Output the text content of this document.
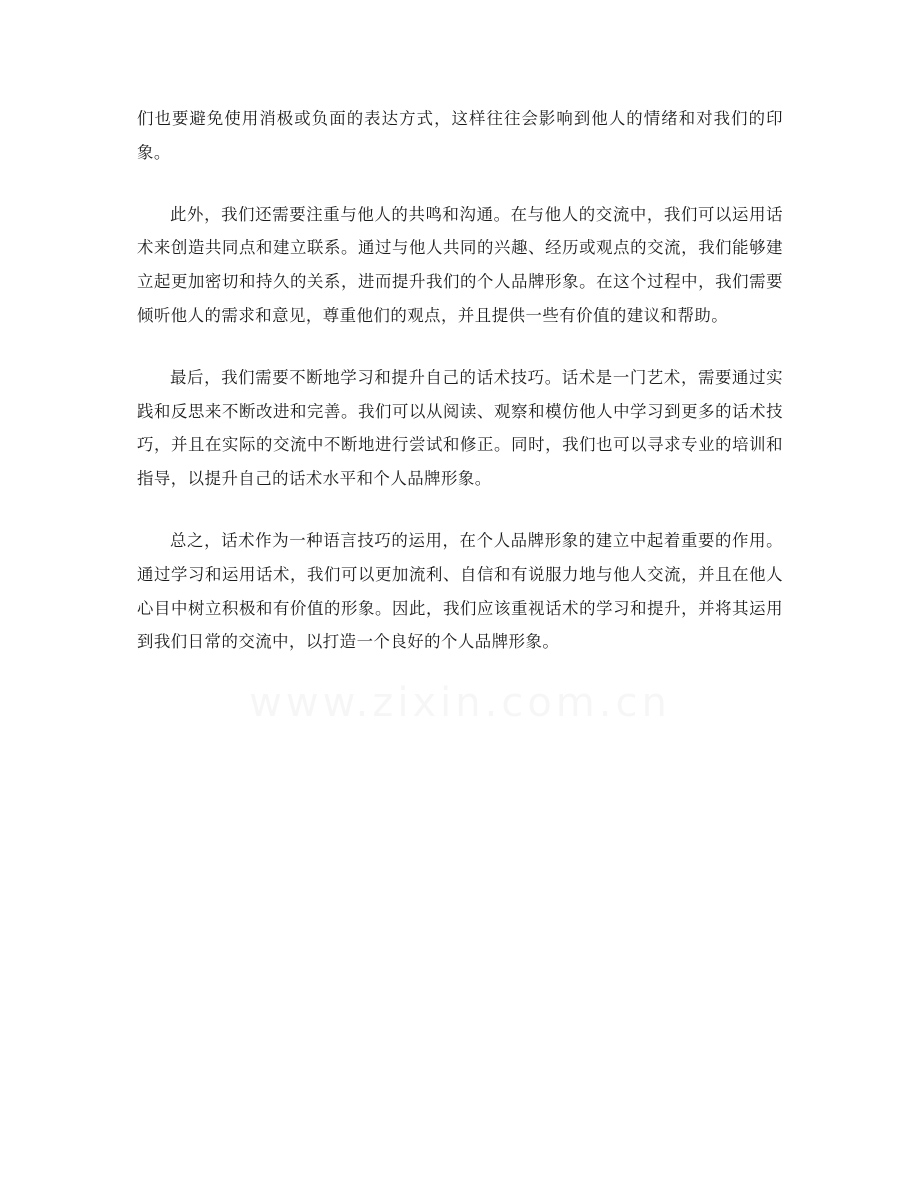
们也要避免使用消极或负面的表达方式，这样往往会影响到他人的情绪和对我们的印象。

此外，我们还需要注重与他人的共鸣和沟通。在与他人的交流中，我们可以运用话术来创造共同点和建立联系。通过与他人共同的兴趣、经历或观点的交流，我们能够建立起更加密切和持久的关系，进而提升我们的个人品牌形象。在这个过程中，我们需要倾听他人的需求和意见，尊重他们的观点，并且提供一些有价值的建议和帮助。

最后，我们需要不断地学习和提升自己的话术技巧。话术是一门艺术，需要通过实践和反思来不断改进和完善。我们可以从阅读、观察和模仿他人中学习到更多的话术技巧，并且在实际的交流中不断地进行尝试和修正。同时，我们也可以寻求专业的培训和指导，以提升自己的话术水平和个人品牌形象。

总之，话术作为一种语言技巧的运用，在个人品牌形象的建立中起着重要的作用。通过学习和运用话术，我们可以更加流利、自信和有说服力地与他人交流，并且在他人心目中树立积极和有价值的形象。因此，我们应该重视话术的学习和提升，并将其运用到我们日常的交流中，以打造一个良好的个人品牌形象。
